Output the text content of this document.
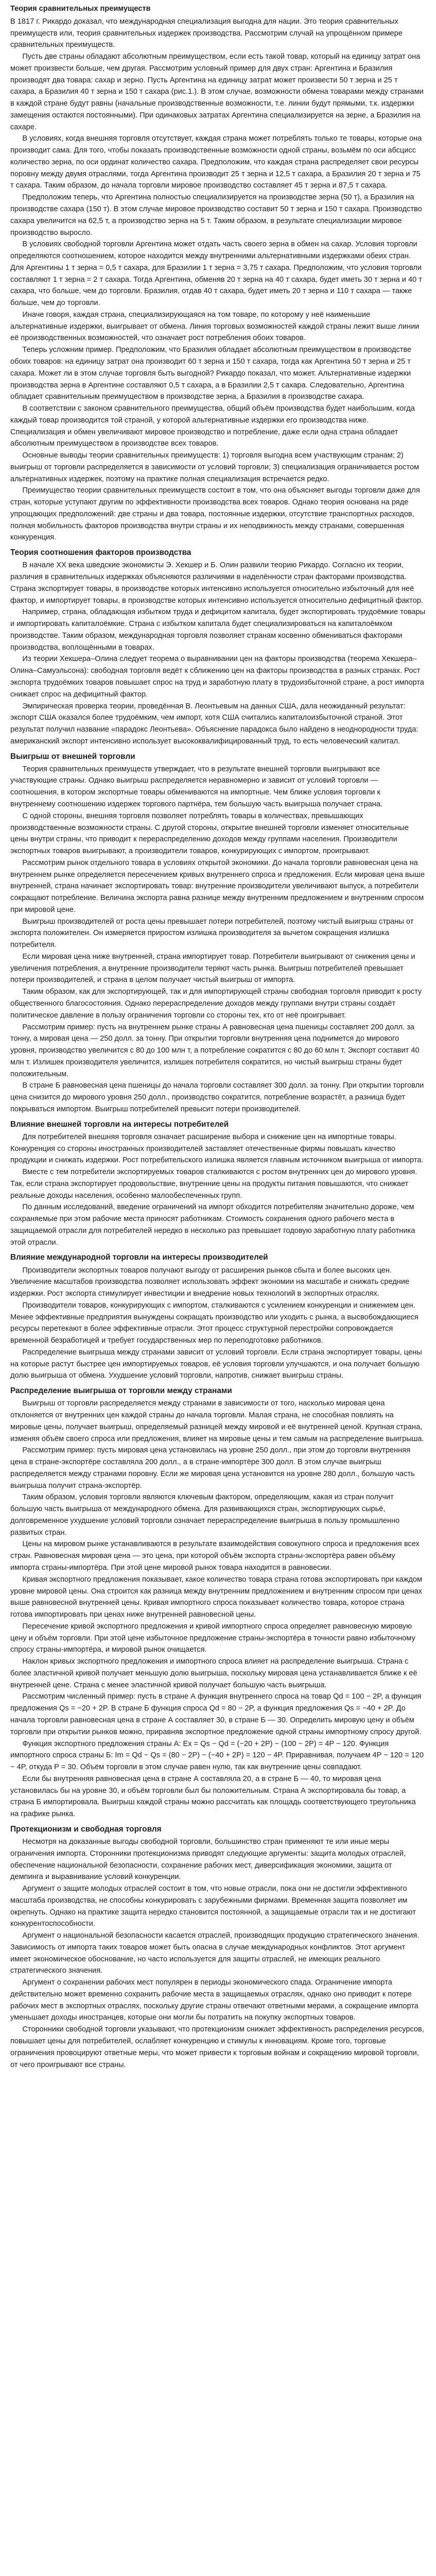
Теория сравнительных преимуществ

В 1817 г. Рикардо доказал, что международная специализация выгодна для нации. Это теория сравнительных преимуществ или, теория сравнительных издержек производства. Рассмотрим случай на упрощённом примере сравнительных преимуществ.

Пусть две страны обладают абсолютным преимуществом, если есть такой товар, который на единицу затрат она может произвести больше, чем другая. Рассмотрим условный пример для двух стран: Аргентина и Бразилия производят два товара: сахар и зерно. Пусть Аргентина на единицу затрат может произвести 50 т зерна и 25 т сахара, а Бразилия 40 т зерна и 150 т сахара (рис.1.). В этом случае, возможности обмена товарами между странами в каждой стране будут равны (начальные производственные возможности, т.е. линии будут прямыми, т.к. издержки замещения остаются постоянными). При одинаковых затратах Аргентина специализируется на зерне, а Бразилия на сахаре.

В условиях, когда внешняя торговля отсутствует, каждая страна может потреблять только те товары, которые она производит сама. Для того, чтобы показать производственные возможности одной страны, возьмём по оси абсцисс количество зерна, по оси ординат количество сахара. Предположим, что каждая страна распределяет свои ресурсы поровну между двумя отраслями, тогда Аргентина производит 25 т зерна и 12,5 т сахара, а Бразилия 20 т зерна и 75 т сахара. Таким образом, до начала торговли мировое производство составляет 45 т зерна и 87,5 т сахара.

Предположим теперь, что Аргентина полностью специализируется на производстве зерна (50 т), а Бразилия на производстве сахара (150 т). В этом случае мировое производство составит 50 т зерна и 150 т сахара. Производство сахара увеличится на 62,5 т, а производство зерна на 5 т. Таким образом, в результате специализации мировое производство выросло.

В условиях свободной торговли Аргентина может отдать часть своего зерна в обмен на сахар. Условия торговли определяются соотношением, которое находится между внутренними альтернативными издержками обеих стран. Для Аргентины 1 т зерна = 0,5 т сахара, для Бразилии 1 т зерна = 3,75 т сахара. Предположим, что условия торговли составляют 1 т зерна = 2 т сахара. Тогда Аргентина, обменяв 20 т зерна на 40 т сахара, будет иметь 30 т зерна и 40 т сахара, что больше, чем до торговли. Бразилия, отдав 40 т сахара, будет иметь 20 т зерна и 110 т сахара — также больше, чем до торговли.

Иначе говоря, каждая страна, специализирующаяся на том товаре, по которому у неё наименьшие альтернативные издержки, выигрывает от обмена. Линия торговых возможностей каждой страны лежит выше линии её производственных возможностей, что означает рост потребления обоих товаров.

Теперь усложним пример. Предположим, что Бразилия обладает абсолютным преимуществом в производстве обоих товаров: на единицу затрат она производит 60 т зерна и 150 т сахара, тогда как Аргентина 50 т зерна и 25 т сахара. Может ли в этом случае торговля быть выгодной? Рикардо показал, что может. Альтернативные издержки производства зерна в Аргентине составляют 0,5 т сахара, а в Бразилии 2,5 т сахара. Следовательно, Аргентина обладает сравнительным преимуществом в производстве зерна, а Бразилия в производстве сахара.

В соответствии с законом сравнительного преимущества, общий объём производства будет наибольшим, когда каждый товар производится той страной, у которой альтернативные издержки его производства ниже. Специализация и обмен увеличивают мировое производство и потребление, даже если одна страна обладает абсолютным преимуществом в производстве всех товаров.

Основные выводы теории сравнительных преимуществ: 1) торговля выгодна всем участвующим странам; 2) выигрыш от торговли распределяется в зависимости от условий торговли; 3) специализация ограничивается ростом альтернативных издержек, поэтому на практике полная специализация встречается редко.

Преимущество теории сравнительных преимуществ состоит в том, что она объясняет выгоды торговли даже для стран, которые уступают другим по эффективности производства всех товаров. Однако теория основана на ряде упрощающих предположений: две страны и два товара, постоянные издержки, отсутствие транспортных расходов, полная мобильность факторов производства внутри страны и их неподвижность между странами, совершенная конкуренция.

Теория соотношения факторов производства

В начале XX века шведские экономисты Э. Хекшер и Б. Олин развили теорию Рикардо. Согласно их теории, различия в сравнительных издержках объясняются различиями в наделённости стран факторами производства. Страна экспортирует товары, в производстве которых интенсивно используется относительно избыточный для неё фактор, и импортирует товары, в производстве которых интенсивно используется относительно дефицитный фактор.

Например, страна, обладающая избытком труда и дефицитом капитала, будет экспортировать трудоёмкие товары и импортировать капиталоёмкие. Страна с избытком капитала будет специализироваться на капиталоёмком производстве. Таким образом, международная торговля позволяет странам косвенно обмениваться факторами производства, воплощёнными в товарах.

Из теории Хекшера–Олина следует теорема о выравнивании цен на факторы производства (теорема Хекшера–Олина–Самуэльсона): свободная торговля ведёт к сближению цен на факторы производства в разных странах. Рост экспорта трудоёмких товаров повышает спрос на труд и заработную плату в трудоизбыточной стране, а рост импорта снижает спрос на дефицитный фактор.

Эмпирическая проверка теории, проведённая В. Леонтьевым на данных США, дала неожиданный результат: экспорт США оказался более трудоёмким, чем импорт, хотя США считались капиталоизбыточной страной. Этот результат получил название «парадокс Леонтьева». Объяснение парадокса было найдено в неоднородности труда: американский экспорт интенсивно использует высококвалифицированный труд, то есть человеческий капитал.

Выигрыш от внешней торговли

Теория сравнительных преимуществ утверждает, что в результате внешней торговли выигрывают все участвующие страны. Однако выигрыш распределяется неравномерно и зависит от условий торговли — соотношения, в котором экспортные товары обмениваются на импортные. Чем ближе условия торговли к внутреннему соотношению издержек торгового партнёра, тем большую часть выигрыша получает страна.

С одной стороны, внешняя торговля позволяет потреблять товары в количествах, превышающих производственные возможности страны. С другой стороны, открытие внешней торговли изменяет относительные цены внутри страны, что приводит к перераспределению доходов между группами населения. Производители экспортных товаров выигрывают, а производители товаров, конкурирующих с импортом, проигрывают.

Рассмотрим рынок отдельного товара в условиях открытой экономики. До начала торговли равновесная цена на внутреннем рынке определяется пересечением кривых внутреннего спроса и предложения. Если мировая цена выше внутренней, страна начинает экспортировать товар: внутренние производители увеличивают выпуск, а потребители сокращают потребление. Величина экспорта равна разнице между внутренним предложением и внутренним спросом при мировой цене.

Выигрыш производителей от роста цены превышает потери потребителей, поэтому чистый выигрыш страны от экспорта положителен. Он измеряется приростом излишка производителя за вычетом сокращения излишка потребителя.

Если мировая цена ниже внутренней, страна импортирует товар. Потребители выигрывают от снижения цены и увеличения потребления, а внутренние производители теряют часть рынка. Выигрыш потребителей превышает потери производителей, и страна в целом получает чистый выигрыш от импорта.

Таким образом, как для экспортирующей, так и для импортирующей страны свободная торговля приводит к росту общественного благосостояния. Однако перераспределение доходов между группами внутри страны создаёт политическое давление в пользу ограничения торговли со стороны тех, кто от неё проигрывает.

Рассмотрим пример: пусть на внутреннем рынке страны А равновесная цена пшеницы составляет 200 долл. за тонну, а мировая цена — 250 долл. за тонну. При открытии торговли внутренняя цена поднимется до мирового уровня, производство увеличится с 80 до 100 млн т, а потребление сократится с 80 до 60 млн т. Экспорт составит 40 млн т. Излишек производителя увеличится, излишек потребителя сократится, но чистый выигрыш страны будет положительным.

В стране Б равновесная цена пшеницы до начала торговли составляет 300 долл. за тонну. При открытии торговли цена снизится до мирового уровня 250 долл., производство сократится, потребление возрастёт, а разница будет покрываться импортом. Выигрыш потребителей превысит потери производителей.

Влияние внешней торговли на интересы потребителей

Для потребителей внешняя торговля означает расширение выбора и снижение цен на импортные товары. Конкуренция со стороны иностранных производителей заставляет отечественные фирмы повышать качество продукции и снижать издержки. Рост потребительского излишка является главным источником выигрыша от импорта.

Вместе с тем потребители экспортируемых товаров сталкиваются с ростом внутренних цен до мирового уровня. Так, если страна экспортирует продовольствие, внутренние цены на продукты питания повышаются, что снижает реальные доходы населения, особенно малообеспеченных групп.

По данным исследований, введение ограничений на импорт обходится потребителям значительно дороже, чем сохраняемые при этом рабочие места приносят работникам. Стоимость сохранения одного рабочего места в защищаемой отрасли для потребителей нередко в несколько раз превышает годовую заработную плату работника этой отрасли.

Влияние международной торговли на интересы производителей

Производители экспортных товаров получают выгоду от расширения рынков сбыта и более высоких цен. Увеличение масштабов производства позволяет использовать эффект экономии на масштабе и снижать средние издержки. Рост экспорта стимулирует инвестиции и внедрение новых технологий в экспортных отраслях.

Производители товаров, конкурирующих с импортом, сталкиваются с усилением конкуренции и снижением цен. Менее эффективные предприятия вынуждены сокращать производство или уходить с рынка, а высвобождающиеся ресурсы перетекают в более эффективные отрасли. Этот процесс структурной перестройки сопровождается временной безработицей и требует государственных мер по переподготовке работников.

Распределение выигрыша между странами зависит от условий торговли. Если страна экспортирует товары, цены на которые растут быстрее цен импортируемых товаров, её условия торговли улучшаются, и она получает большую долю выигрыша от обмена. Ухудшение условий торговли, напротив, снижает выигрыш страны.

Распределение выигрыша от торговли между странами

Выигрыш от торговли распределяется между странами в зависимости от того, насколько мировая цена отклоняется от внутренних цен каждой страны до начала торговли. Малая страна, не способная повлиять на мировые цены, получает выигрыш, определяемый разницей между мировой и её внутренней ценой. Крупная страна, изменяя объём своего спроса или предложения, влияет на мировые цены и тем самым на распределение выигрыша.

Рассмотрим пример: пусть мировая цена установилась на уровне 250 долл., при этом до торговли внутренняя цена в стране-экспортёре составляла 200 долл., а в стране-импортёре 300 долл. В этом случае выигрыш распределяется между странами поровну. Если же мировая цена установится на уровне 280 долл., большую часть выигрыша получит страна-экспортёр.

Таким образом, условия торговли являются ключевым фактором, определяющим, какая из стран получит большую часть выигрыша от международного обмена. Для развивающихся стран, экспортирующих сырьё, долговременное ухудшение условий торговли означает перераспределение выигрыша в пользу промышленно развитых стран.

Цены на мировом рынке устанавливаются в результате взаимодействия совокупного спроса и предложения всех стран. Равновесная мировая цена — это цена, при которой объём экспорта страны-экспортёра равен объёму импорта страны-импортёра. При этой цене мировой рынок товара находится в равновесии.

Кривая экспортного предложения показывает, какое количество товара страна готова экспортировать при каждом уровне мировой цены. Она строится как разница между внутренним предложением и внутренним спросом при ценах выше равновесной внутренней цены. Кривая импортного спроса показывает количество товара, которое страна готова импортировать при ценах ниже внутренней равновесной цены.

Пересечение кривой экспортного предложения и кривой импортного спроса определяет равновесную мировую цену и объём торговли. При этой цене избыточное предложение страны-экспортёра в точности равно избыточному спросу страны-импортёра, и мировой рынок очищается.

Наклон кривых экспортного предложения и импортного спроса влияет на распределение выигрыша. Страна с более эластичной кривой получает меньшую долю выигрыша, поскольку мировая цена устанавливается ближе к её внутренней цене. Страна с менее эластичной кривой получает большую часть выигрыша.

Рассмотрим численный пример: пусть в стране А функция внутреннего спроса на товар Qd = 100 − 2P, а функция предложения Qs = −20 + 2P. В стране Б функция спроса Qd = 80 − 2P, а функция предложения Qs = −40 + 2P. До начала торговли равновесная цена в стране А составляет 30, в стране Б — 30. Определить мировую цену и объём торговли при открытии рынков можно, приравняв экспортное предложение одной страны импортному спросу другой.

Функция экспортного предложения страны А: Ex = Qs − Qd = (−20 + 2P) − (100 − 2P) = 4P − 120. Функция импортного спроса страны Б: Im = Qd − Qs = (80 − 2P) − (−40 + 2P) = 120 − 4P. Приравнивая, получаем 4P − 120 = 120 − 4P, откуда P = 30. Объём торговли в этом случае равен нулю, так как внутренние цены совпадают.

Если бы внутренняя равновесная цена в стране А составляла 20, а в стране Б — 40, то мировая цена установилась бы на уровне 30, и объём торговли был бы положительным. Страна А экспортировала бы товар, а страна Б импортировала. Выигрыш каждой страны можно рассчитать как площадь соответствующего треугольника на графике рынка.

Протекционизм и свободная торговля

Несмотря на доказанные выгоды свободной торговли, большинство стран применяют те или иные меры ограничения импорта. Сторонники протекционизма приводят следующие аргументы: защита молодых отраслей, обеспечение национальной безопасности, сохранение рабочих мест, диверсификация экономики, защита от демпинга и выравнивание условий конкуренции.

Аргумент о защите молодых отраслей состоит в том, что новые отрасли, пока они не достигли эффективного масштаба производства, не способны конкурировать с зарубежными фирмами. Временная защита позволяет им окрепнуть. Однако на практике защита нередко становится постоянной, а защищаемые отрасли так и не достигают конкурентоспособности.

Аргумент о национальной безопасности касается отраслей, производящих продукцию стратегического значения. Зависимость от импорта таких товаров может быть опасна в случае международных конфликтов. Этот аргумент имеет экономическое обоснование, но часто используется для защиты отраслей, не имеющих реального стратегического значения.

Аргумент о сохранении рабочих мест популярен в периоды экономического спада. Ограничение импорта действительно может временно сохранить рабочие места в защищаемых отраслях, однако оно приводит к потере рабочих мест в экспортных отраслях, поскольку другие страны отвечают ответными мерами, а сокращение импорта уменьшает доходы иностранцев, которые они могли бы потратить на покупку экспортных товаров.

Сторонники свободной торговли указывают, что протекционизм снижает эффективность распределения ресурсов, повышает цены для потребителей, ослабляет конкуренцию и стимулы к инновациям. Кроме того, торговые ограничения провоцируют ответные меры, что может привести к торговым войнам и сокращению мировой торговли, от чего проигрывают все страны.
